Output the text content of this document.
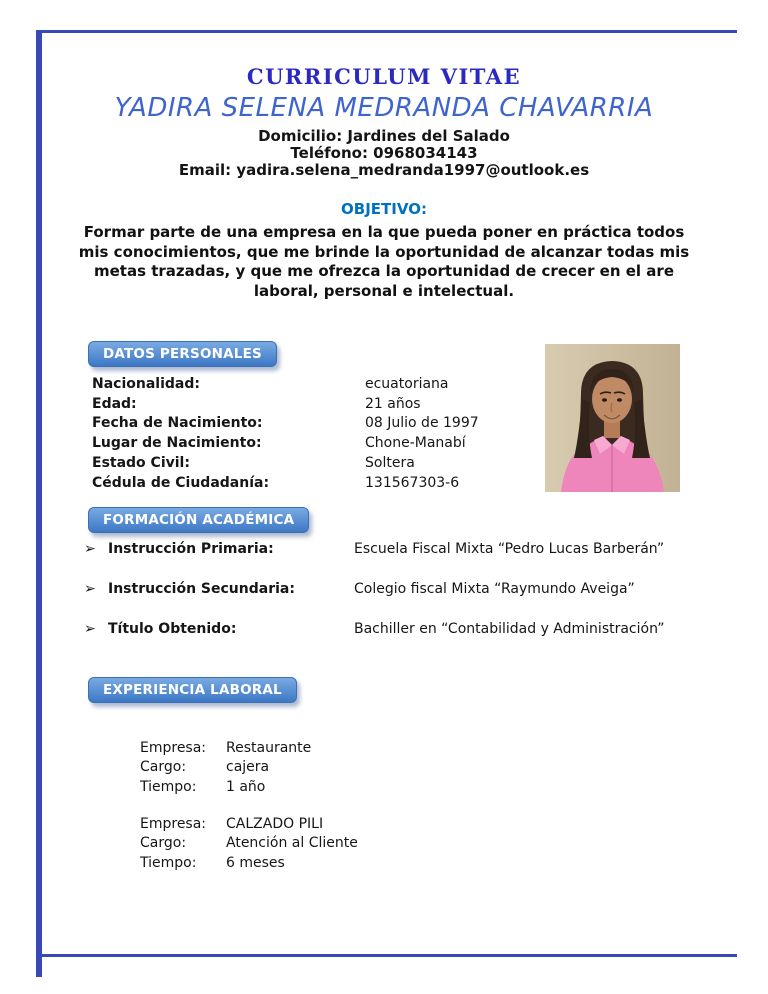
CURRICULUM VITAE
YADIRA SELENA MEDRANDA CHAVARRIA
Domicilio: Jardines del Salado
Teléfono: 0968034143
Email: yadira.selena_medranda1997@outlook.es
OBJETIVO:

Formar parte de una empresa en la que pueda poner en práctica todos mis conocimientos, que me brinde la oportunidad de alcanzar todas mis metas trazadas, y que me ofrezca la oportunidad de crecer en el are laboral, personal e intelectual.

DATOS PERSONALES
Nacionalidad:	ecuatoriana
Edad:	21 años
Fecha de Nacimiento:	08 Julio de 1997
Lugar de Nacimiento:	Chone-Manabí
Estado Civil:	Soltera
Cédula de Ciudadanía:	131567303-6
FORMACIÓN ACADÉMICA
➢ Instrucción Primaria:	Escuela Fiscal Mixta “Pedro Lucas Barberán”
➢ Instrucción Secundaria:	Colegio fiscal Mixta “Raymundo Aveiga”
➢ Título Obtenido:	Bachiller en “Contabilidad y Administración”
EXPERIENCIA LABORAL
Empresa:	Restaurante
Cargo:	cajera
Tiempo:	1 año
Empresa:	CALZADO PILI
Cargo:	Atención al Cliente
Tiempo:	6 meses
